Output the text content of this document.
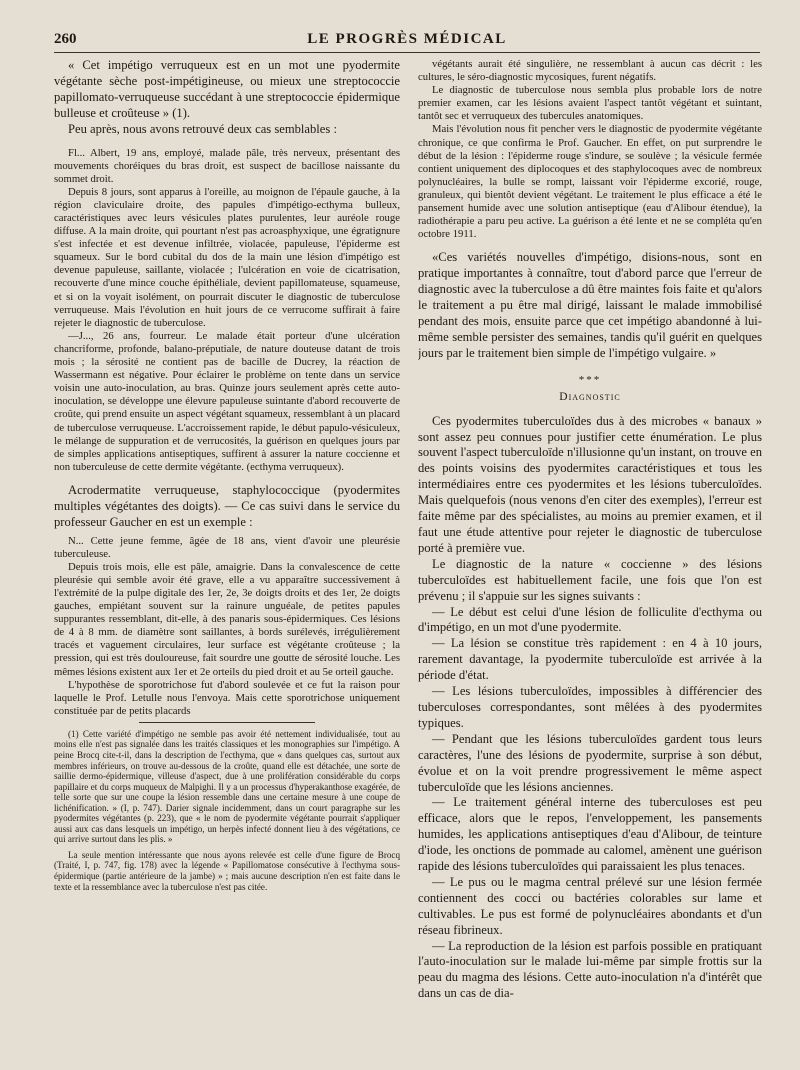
260	LE PROGRÈS MÉDICAL

« Cet impétigo verruqueux est en un mot une pyodermite végétante sèche post-impétigineuse, ou mieux une streptococcie papillomato-verruqueuse succédant à une streptococcie épidermique bulleuse et croûteuse » (1).

Peu après, nous avons retrouvé deux cas semblables :

Fl... Albert, 19 ans, employé, malade pâle, très nerveux, présentant des mouvements choréiques du bras droit, est suspect de bacillose naissante du sommet droit.

Depuis 8 jours, sont apparus à l'oreille, au moignon de l'épaule gauche, à la région claviculaire droite, des papules d'impétigo-ecthyma bulleux, caractéristiques avec leurs vésicules plates purulentes, leur auréole rouge diffuse. A la main droite, qui pourtant n'est pas acroasphyxique, une égratignure s'est infectée et est devenue infiltrée, violacée, papuleuse, l'épiderme est squameux. Sur le bord cubital du dos de la main une lésion d'impétigo est devenue papuleuse, saillante, violacée ; l'ulcération en voie de cicatrisation, recouverte d'une mince couche épithéliale, devient papillomateuse, squameuse, et si on la voyait isolément, on pourrait discuter le diagnostic de tuberculose verruqueuse. Mais l'évolution en huit jours de ce verrucome suffirait à faire rejeter le diagnostic de tuberculose.

—J..., 26 ans, fourreur. Le malade était porteur d'une ulcération chancriforme, profonde, balano-préputiale, de nature douteuse datant de trois mois ; la sérosité ne contient pas de bacille de Ducrey, la réaction de Wassermann est négative. Pour éclairer le problème on tente dans un service voisin une auto-inoculation, au bras. Quinze jours seulement après cette auto-inoculation, se développe une élevure papuleuse suintante d'abord recouverte de croûte, qui prend ensuite un aspect végétant squameux, ressemblant à un placard de tuberculose verruqueuse. L'accroissement rapide, le début papulo-vésiculeux, le mélange de suppuration et de verrucosités, la guérison en quelques jours par de simples applications antiseptiques, suffirent à assurer la nature coccienne et non tuberculeuse de cette dermite végétante. (ecthyma verruqueux).

Acrodermatite verruqueuse, staphylococcique (pyodermites multiples végétantes des doigts). — Ce cas suivi dans le service du professeur Gaucher en est un exemple :

N... Cette jeune femme, âgée de 18 ans, vient d'avoir une pleurésie tuberculeuse.

Depuis trois mois, elle est pâle, amaigrie. Dans la convalescence de cette pleurésie qui semble avoir été grave, elle a vu apparaître successivement à l'extrémité de la pulpe digitale des 1er, 2e, 3e doigts droits et des 1er, 2e doigts gauches, empiétant souvent sur la rainure unguéale, de petites papules suppurantes ressemblant, dit-elle, à des panaris sous-épidermiques. Ces lésions de 4 à 8 mm. de diamètre sont saillantes, à bords surélevés, irrégulièrement tracés et vaguement circulaires, leur surface est végétante croûteuse ; la pression, qui est très douloureuse, fait sourdre une goutte de sérosité louche. Les mêmes lésions existent aux 1er et 2e orteils du pied droit et au 5e orteil gauche.

L'hypothèse de sporotrichose fut d'abord soulevée et ce fut la raison pour laquelle le Prof. Letulle nous l'envoya. Mais cette sporotrichose uniquement constituée par de petits placards

(1) Cette variété d'impétigo ne semble pas avoir été nettement individualisée, tout au moins elle n'est pas signalée dans les traités classiques et les monographies sur l'impétigo. A peine Brocq cite-t-il, dans la description de l'ecthyma, que « dans quelques cas, surtout aux membres inférieurs, on trouve au-dessous de la croûte, quand elle est détachée, une sorte de saillie dermo-épidermique, villeuse d'aspect, due à une prolifération considérable du corps papillaire et du corps muqueux de Malpighi. Il y a un processus d'hyperakanthose exagérée, de telle sorte que sur une coupe la lésion ressemble dans une certaine mesure à une coupe de lichénification. » (I, p. 747). Darier signale incidemment, dans un court paragraphe sur les pyodermites végétantes (p. 223), que « le nom de pyodermite végétante pourrait s'appliquer aussi aux cas dans lesquels un impétigo, un herpès infecté donnent lieu à des végétations, ce qui arrive surtout dans les plis. »

La seule mention intéressante que nous ayons relevée est celle d'une figure de Brocq (Traité, I, p. 747, fig. 178) avec la légende « Papillomatose consécutive à l'ecthyma sous-épidermique (partie antérieure de la jambe) » ; mais aucune description n'en est faite dans le texte et la ressemblance avec la tuberculose n'est pas citée.

végétants aurait été singulière, ne ressemblant à aucun cas décrit : les cultures, le séro-diagnostic mycosiques, furent négatifs.

Le diagnostic de tuberculose nous sembla plus probable lors de notre premier examen, car les lésions avaient l'aspect tantôt végétant et suintant, tantôt sec et verruqueux des tubercules anatomiques.

Mais l'évolution nous fit pencher vers le diagnostic de pyodermite végétante chronique, ce que confirma le Prof. Gaucher. En effet, on put surprendre le début de la lésion : l'épiderme rouge s'indure, se soulève ; la vésicule fermée contient uniquement des diplocoques et des staphylocoques avec de nombreux polynucléaires, la bulle se rompt, laissant voir l'épiderme excorié, rouge, granuleux, qui bientôt devient végétant. Le traitement le plus efficace a été le pansement humide avec une solution antiseptique (eau d'Alibour étendue), la radiothérapie a paru peu active. La guérison a été lente et ne se compléta qu'en octobre 1911.

«Ces variétés nouvelles d'impétigo, disions-nous, sont en pratique importantes à connaître, tout d'abord parce que l'erreur de diagnostic avec la tuberculose a dû être maintes fois faite et qu'alors le traitement a pu être mal dirigé, laissant le malade immobilisé pendant des mois, ensuite parce que cet impétigo abandonné à lui-même semble persister des semaines, tandis qu'il guérit en quelques jours par le traitement bien simple de l'impétigo vulgaire. »

***
Diagnostic

Ces pyodermites tuberculoïdes dus à des microbes « banaux » sont assez peu connues pour justifier cette énumération. Le plus souvent l'aspect tuberculoïde n'illusionne qu'un instant, on trouve en des points voisins des pyodermites caractéristiques et tous les intermédiaires entre ces pyodermites et les lésions tuberculoïdes. Mais quelquefois (nous venons d'en citer des exemples), l'erreur est faite même par des spécialistes, au moins au premier examen, et il faut une étude attentive pour rejeter le diagnostic de tuberculose porté à première vue.

Le diagnostic de la nature « coccienne » des lésions tuberculoïdes est habituellement facile, une fois que l'on est prévenu ; il s'appuie sur les signes suivants :

— Le début est celui d'une lésion de folliculite d'ecthyma ou d'impétigo, en un mot d'une pyodermite.

— La lésion se constitue très rapidement : en 4 à 10 jours, rarement davantage, la pyodermite tuberculoïde est arrivée à la période d'état.

— Les lésions tuberculoïdes, impossibles à différencier des tuberculoses correspondantes, sont mêlées à des pyodermites typiques.

— Pendant que les lésions tuberculoïdes gardent tous leurs caractères, l'une des lésions de pyodermite, surprise à son début, évolue et on la voit prendre progressivement le même aspect tuberculoïde que les lésions anciennes.

— Le traitement général interne des tuberculoses est peu efficace, alors que le repos, l'enveloppement, les pansements humides, les applications antiseptiques d'eau d'Alibour, de teinture d'iode, les onctions de pommade au calomel, amènent une guérison rapide des lésions tuberculoïdes qui paraissaient les plus tenaces.

— Le pus ou le magma central prélevé sur une lésion fermée contiennent des cocci ou bactéries colorables sur lame et cultivables. Le pus est formé de polynucléaires abondants et d'un réseau fibrineux.

— La reproduction de la lésion est parfois possible en pratiquant l'auto-inoculation sur le malade lui-même par simple frottis sur la peau du magma des lésions. Cette auto-inoculation n'a d'intérêt que dans un cas de dia-
